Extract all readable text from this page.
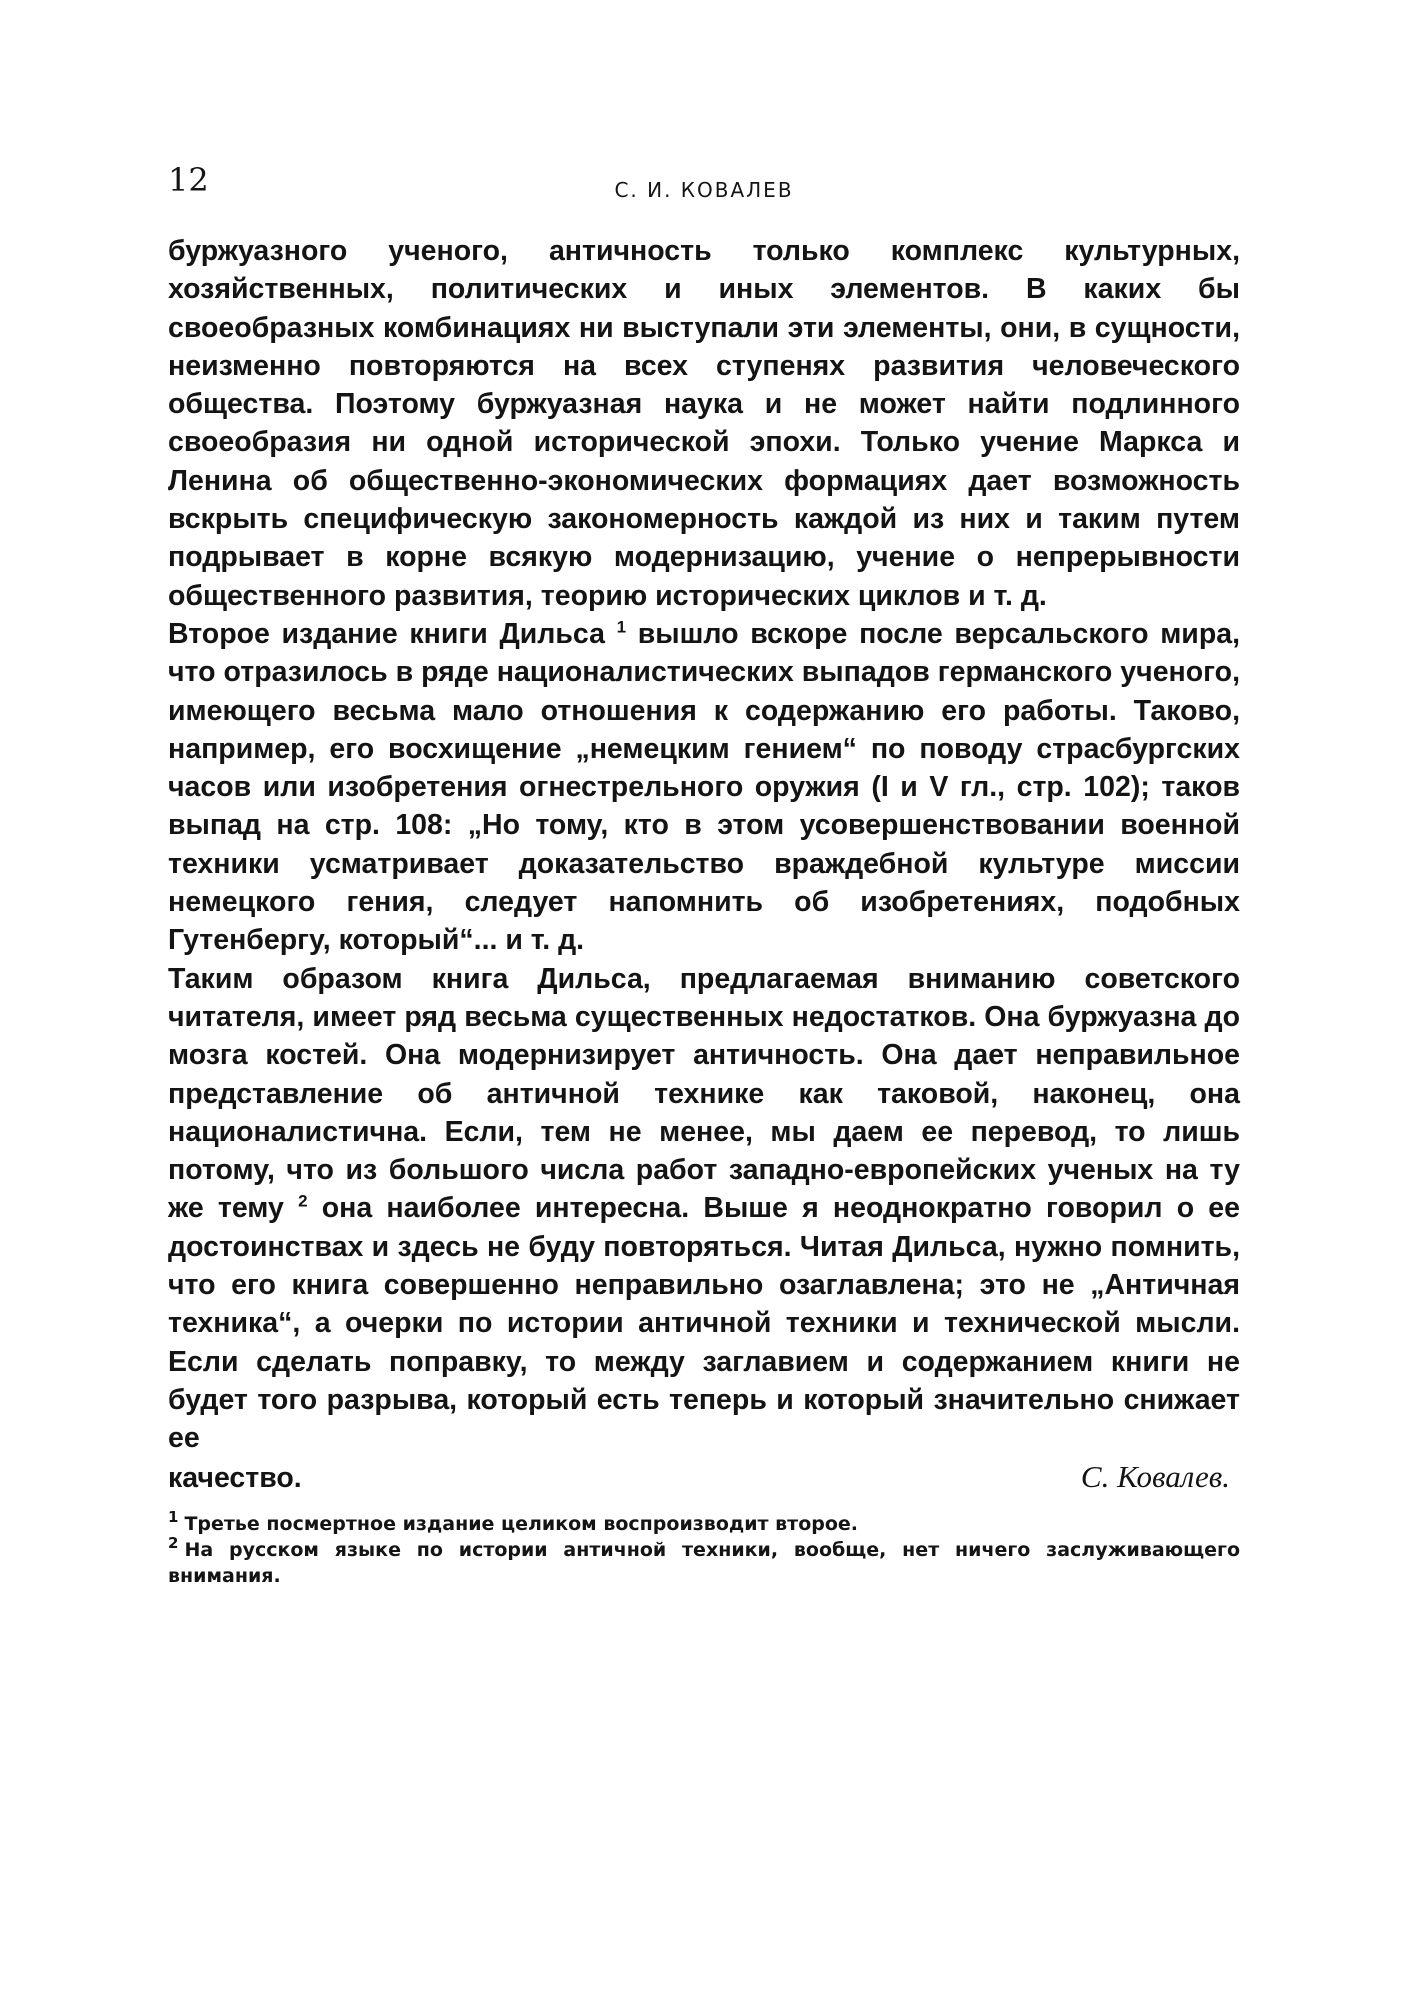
12	С. И. КОВАЛЕВ

буржуазного ученого, античность только комплекс культурных, хозяйственных, политических и иных элементов. В каких бы своеобразных комбинациях ни выступали эти элементы, они, в сущности, неизменно повторяются на всех ступенях развития человеческого общества. Поэтому буржуазная наука и не может найти подлинного своеобразия ни одной исторической эпохи. Только учение Маркса и Ленина об общественно-экономических формациях дает возможность вскрыть специфическую закономерность каждой из них и таким путем подрывает в корне всякую модернизацию, учение о непрерывности общественного развития, теорию исторических циклов и т. д.

Второе издание книги Дильса $^1$ вышло вскоре после версальского мира, что отразилось в ряде националистических выпадов германского ученого, имеющего весьма мало отношения к содержанию его работы. Таково, например, его восхищение „немецким гением“ по поводу страсбургских часов или изобретения огнестрельного оружия (I и V гл., стр. 102); таков выпад на стр. 108: „Но тому, кто в этом усовершенствовании военной техники усматривает доказательство враждебной культуре миссии немецкого гения, следует напомнить об изобретениях, подобных Гутенбергу, который“... и т. д.

Таким образом книга Дильса, предлагаемая вниманию советского читателя, имеет ряд весьма существенных недостатков. Она буржуазна до мозга костей. Она модернизирует античность. Она дает неправильное представление об античной технике как таковой, наконец, она националистична. Если, тем не менее, мы даем ее перевод, то лишь потому, что из большого числа работ западно-европейских ученых на ту же тему $^2$ она наиболее интересна. Выше я неоднократно говорил о ее достоинствах и здесь не буду повторяться. Читая Дильса, нужно помнить, что его книга совершенно неправильно озаглавлена; это не „Античная техника“, а очерки по истории античной техники и технической мысли. Если сделать поправку, то между заглавием и содержанием книги не будет того разрыва, который есть теперь и который значительно снижает ее

качество.	С. Ковалев.

$^1$ Третье посмертное издание целиком воспроизводит второе.

$^2$ На русском языке по истории античной техники, вообще, нет ничего заслуживающего внимания.
